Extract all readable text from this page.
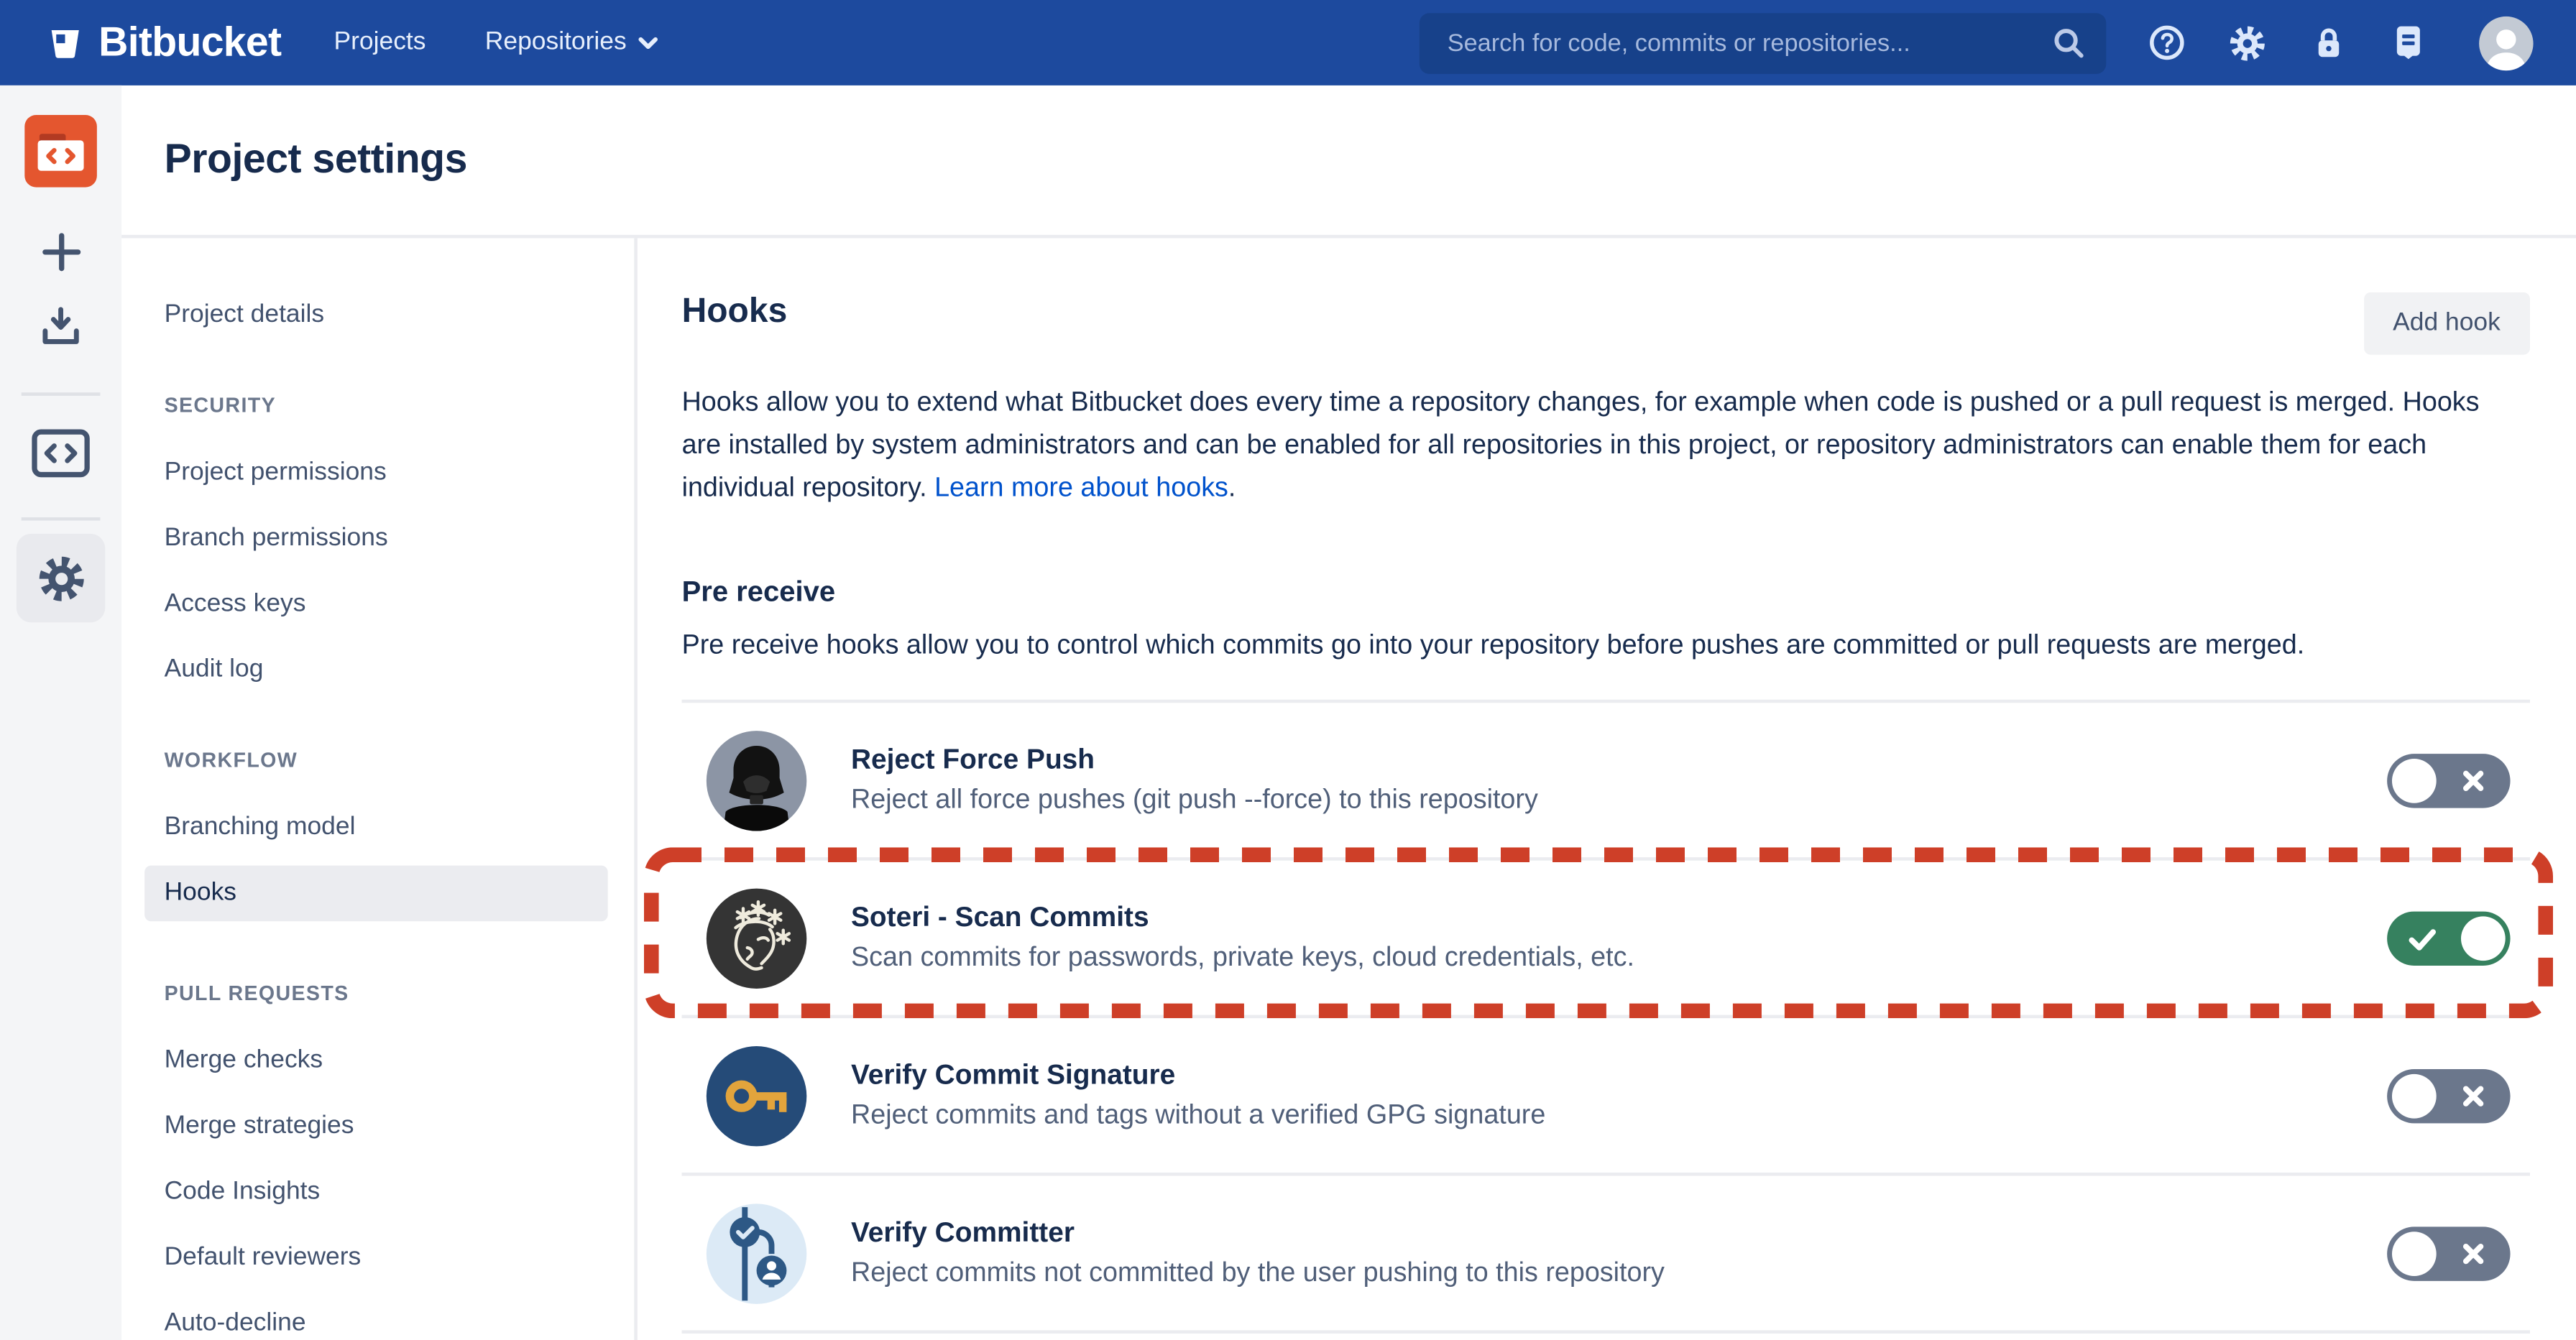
Bitbucket	Projects	Repositories
Search for code, commits or repositories...
Project settings
Project details
SECURITY
Project permissions
Branch permissions
Access keys
Audit log
WORKFLOW
Branching model
Hooks
PULL REQUESTS
Merge checks
Merge strategies
Code Insights
Default reviewers
Auto-decline
Hooks	Add hook

Hooks allow you to extend what Bitbucket does every time a repository changes, for example when code is pushed or a pull request is merged. Hooks are installed by system administrators and can be enabled for all repositories in this project, or repository administrators can enable them for each individual repository. Learn more about hooks.

Pre receive
Pre receive hooks allow you to control which commits go into your repository before pushes are committed or pull requests are merged.
Reject Force Push
Reject all force pushes (git push --force) to this repository
Soteri - Scan Commits
Scan commits for passwords, private keys, cloud credentials, etc.
Verify Commit Signature
Reject commits and tags without a verified GPG signature
Verify Committer
Reject commits not committed by the user pushing to this repository
